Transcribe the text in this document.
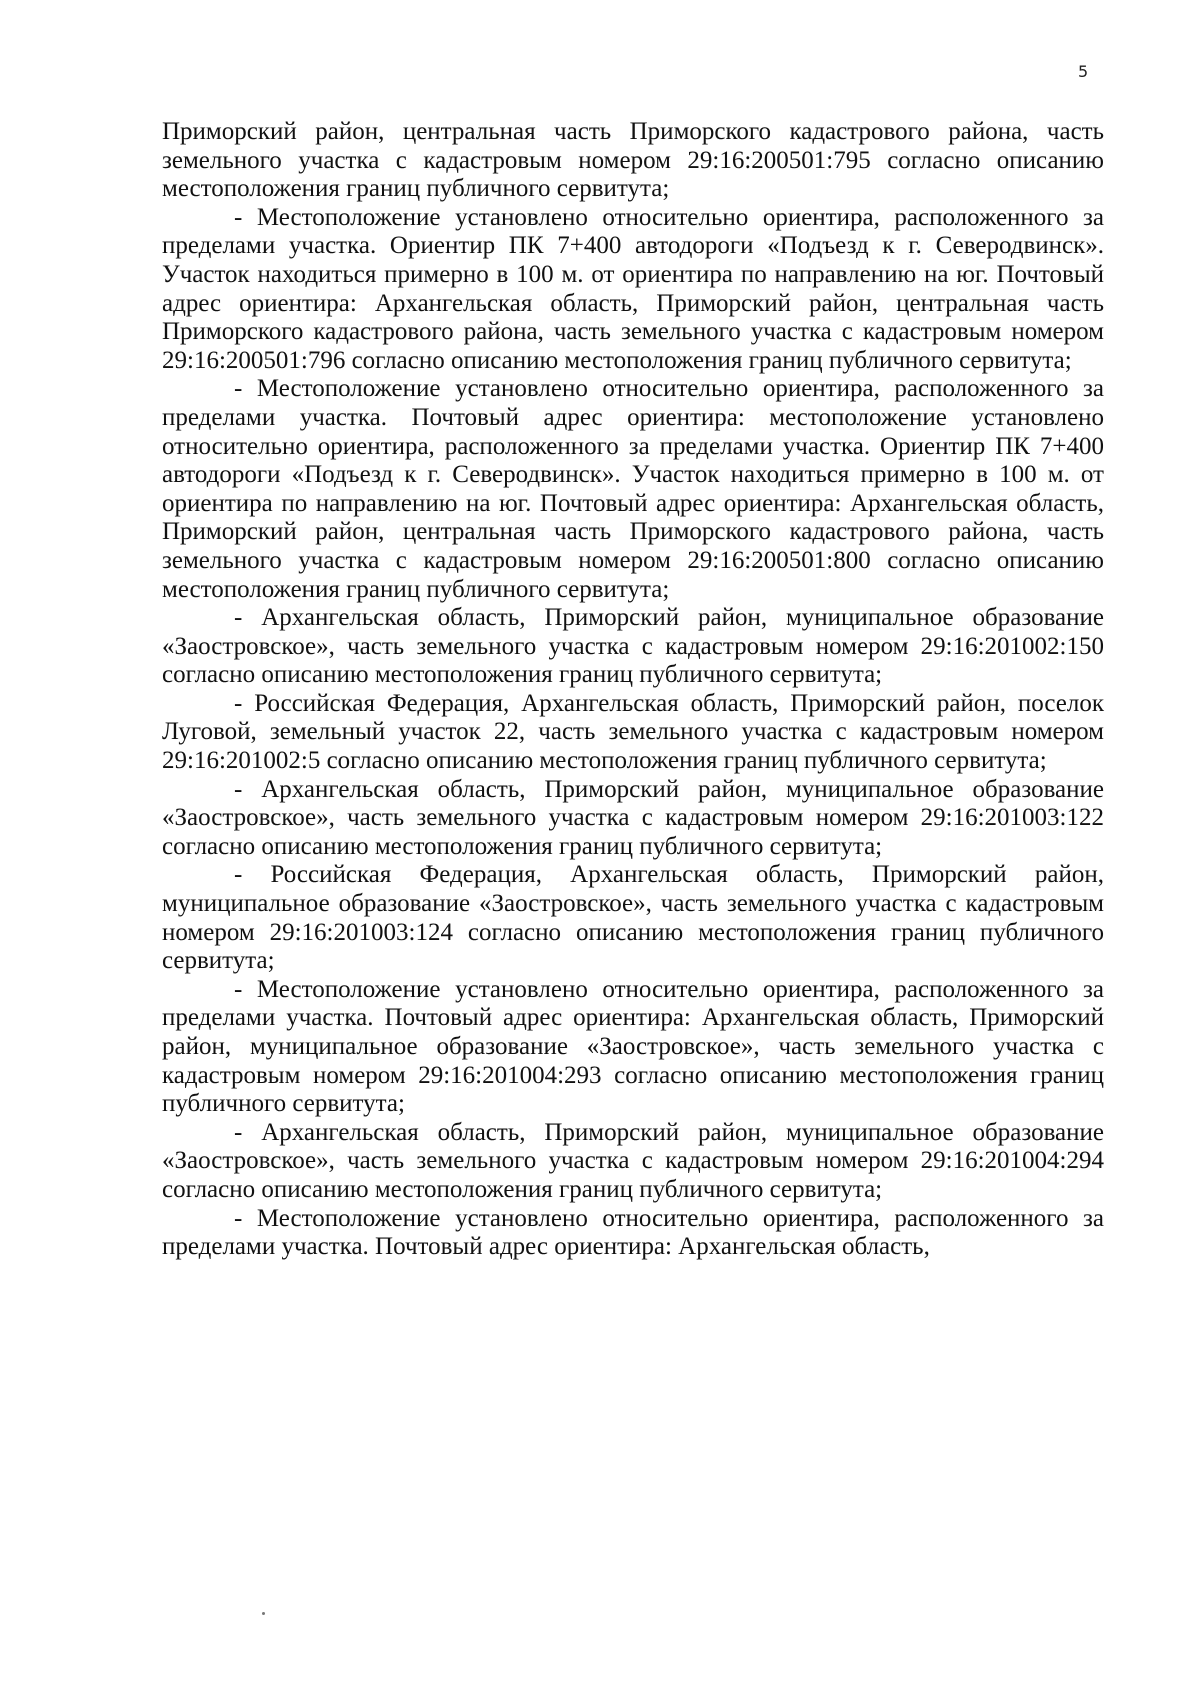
5

Приморский район, центральная часть Приморского кадастрового района, часть земельного участка с кадастровым номером 29:16:200501:795 согласно описанию местоположения границ публичного сервитута;

- Местоположение установлено относительно ориентира, расположенного за пределами участка. Ориентир ПК 7+400 автодороги «Подъезд к г. Северодвинск». Участок находиться примерно в 100 м. от ориентира по направлению на юг. Почтовый адрес ориентира: Архангельская область, Приморский район, центральная часть Приморского кадастрового района, часть земельного участка с кадастровым номером 29:16:200501:796 согласно описанию местоположения границ публичного сервитута;

- Местоположение установлено относительно ориентира, расположенного за пределами участка. Почтовый адрес ориентира: местоположение установлено относительно ориентира, расположенного за пределами участка. Ориентир ПК 7+400 автодороги «Подъезд к г. Северодвинск». Участок находиться примерно в 100 м. от ориентира по направлению на юг. Почтовый адрес ориентира: Архангельская область, Приморский район, центральная часть Приморского кадастрового района, часть земельного участка с кадастровым номером 29:16:200501:800 согласно описанию местоположения границ публичного сервитута;

- Архангельская область, Приморский район, муниципальное образование «Заостровское», часть земельного участка с кадастровым номером 29:16:201002:150 согласно описанию местоположения границ публичного сервитута;

- Российская Федерация, Архангельская область, Приморский район, поселок Луговой, земельный участок 22, часть земельного участка с кадастровым номером 29:16:201002:5 согласно описанию местоположения границ публичного сервитута;

- Архангельская область, Приморский район, муниципальное образование «Заостровское», часть земельного участка с кадастровым номером 29:16:201003:122 согласно описанию местоположения границ публичного сервитута;

- Российская Федерация, Архангельская область, Приморский район, муниципальное образование «Заостровское», часть земельного участка с кадастровым номером 29:16:201003:124 согласно описанию местоположения границ публичного сервитута;

- Местоположение установлено относительно ориентира, расположенного за пределами участка. Почтовый адрес ориентира: Архангельская область, Приморский район, муниципальное образование «Заостровское», часть земельного участка с кадастровым номером 29:16:201004:293 согласно описанию местоположения границ публичного сервитута;

- Архангельская область, Приморский район, муниципальное образование «Заостровское», часть земельного участка с кадастровым номером 29:16:201004:294 согласно описанию местоположения границ публичного сервитута;

- Местоположение установлено относительно ориентира, расположенного за пределами участка. Почтовый адрес ориентира: Архангельская область,
